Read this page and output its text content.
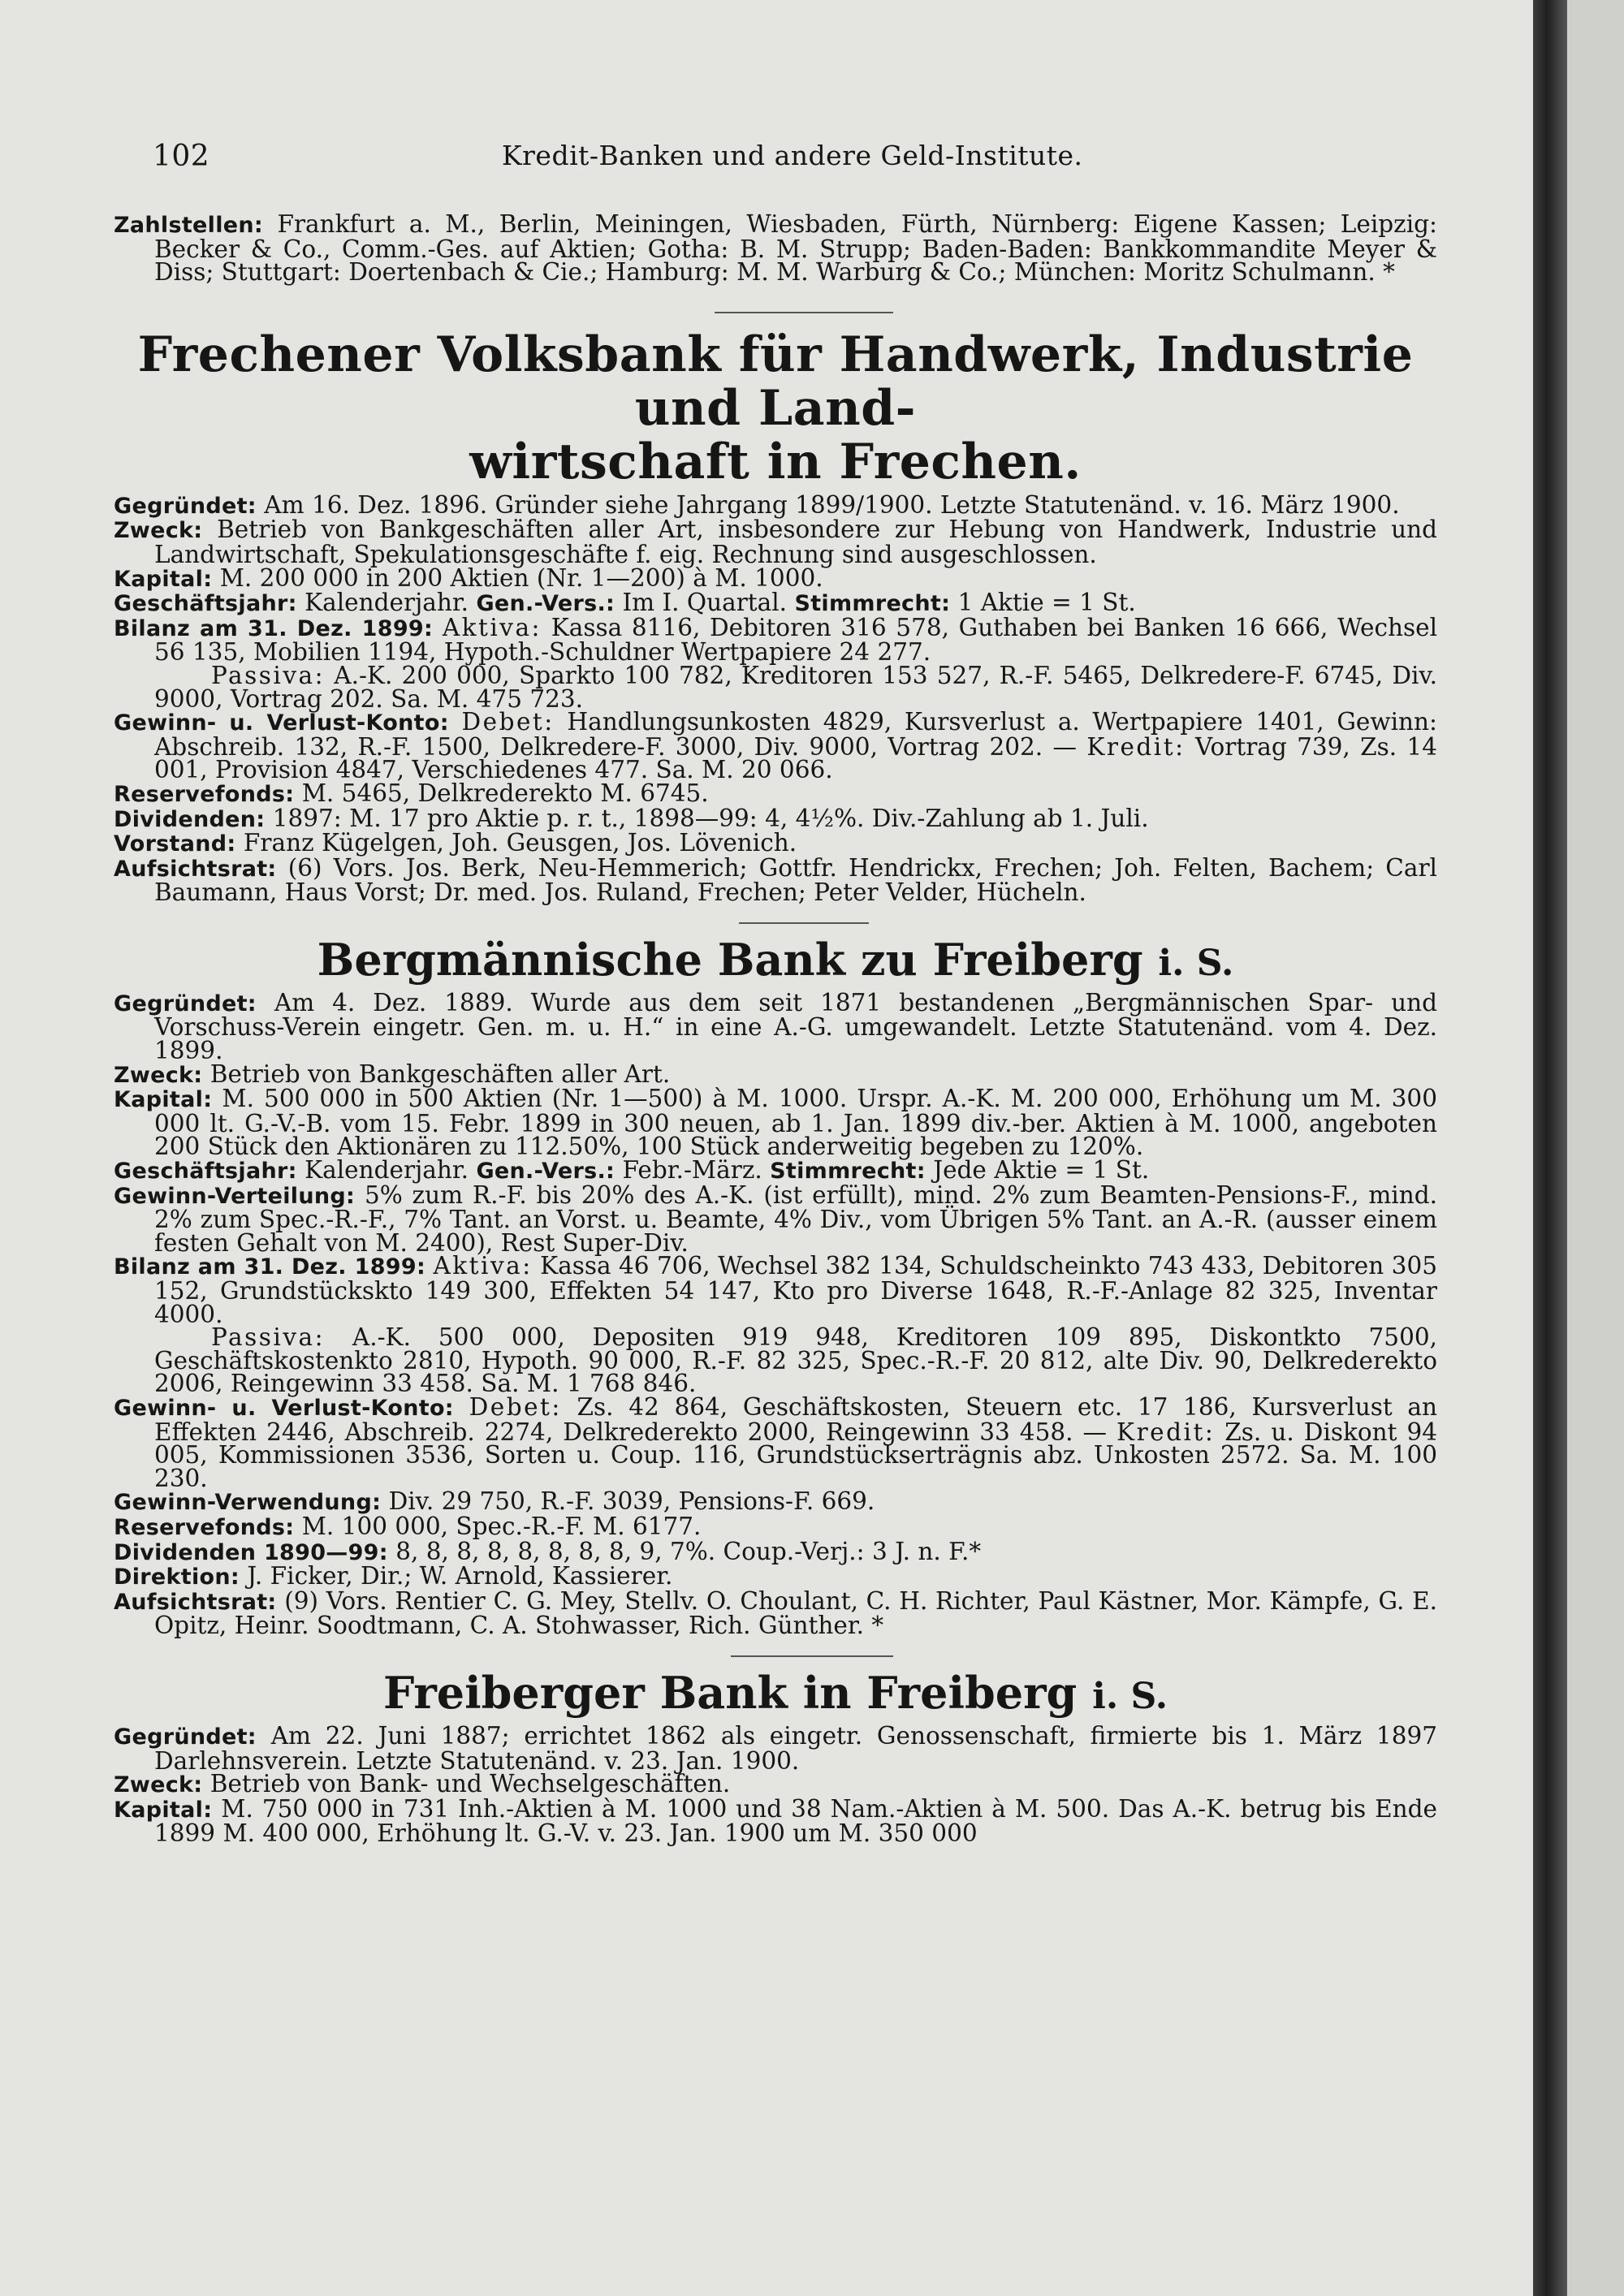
102	Kredit-Banken und andere Geld-Institute.

Zahlstellen: Frankfurt a. M., Berlin, Meiningen, Wiesbaden, Fürth, Nürnberg: Eigene Kassen; Leipzig: Becker & Co., Comm.-Ges. auf Aktien; Gotha: B. M. Strupp; Baden-Baden: Bankkommandite Meyer & Diss; Stuttgart: Doertenbach & Cie.; Hamburg: M. M. Warburg & Co.; München: Moritz Schulmann. *

Frechener Volksbank für Handwerk, Industrie und Land-
wirtschaft in Frechen.

Gegründet: Am 16. Dez. 1896. Gründer siehe Jahrgang 1899/1900. Letzte Statutenänd. v. 16. März 1900.

Zweck: Betrieb von Bankgeschäften aller Art, insbesondere zur Hebung von Handwerk, Industrie und Landwirtschaft, Spekulationsgeschäfte f. eig. Rechnung sind ausgeschlossen.

Kapital: M. 200 000 in 200 Aktien (Nr. 1—200) à M. 1000.

Geschäftsjahr: Kalenderjahr. Gen.-Vers.: Im I. Quartal. Stimmrecht: 1 Aktie = 1 St.

Bilanz am 31. Dez. 1899: Aktiva: Kassa 8116, Debitoren 316 578, Guthaben bei Banken 16 666, Wechsel 56 135, Mobilien 1194, Hypoth.-Schuldner Wertpapiere 24 277.

Passiva: A.-K. 200 000, Sparkto 100 782, Kreditoren 153 527, R.-F. 5465, Delkredere-F. 6745, Div. 9000, Vortrag 202. Sa. M. 475 723.

Gewinn- u. Verlust-Konto: Debet: Handlungsunkosten 4829, Kursverlust a. Wertpapiere 1401, Gewinn: Abschreib. 132, R.-F. 1500, Delkredere-F. 3000, Div. 9000, Vortrag 202. — Kredit: Vortrag 739, Zs. 14 001, Provision 4847, Verschiedenes 477. Sa. M. 20 066.

Reservefonds: M. 5465, Delkrederekto M. 6745.

Dividenden: 1897: M. 17 pro Aktie p. r. t., 1898—99: 4, 4½%. Div.-Zahlung ab 1. Juli.

Vorstand: Franz Kügelgen, Joh. Geusgen, Jos. Lövenich.

Aufsichtsrat: (6) Vors. Jos. Berk, Neu-Hemmerich; Gottfr. Hendrickx, Frechen; Joh. Felten, Bachem; Carl Baumann, Haus Vorst; Dr. med. Jos. Ruland, Frechen; Peter Velder, Hücheln.

Bergmännische Bank zu Freiberg i. S.

Gegründet: Am 4. Dez. 1889. Wurde aus dem seit 1871 bestandenen „Bergmännischen Spar- und Vorschuss-Verein eingetr. Gen. m. u. H.“ in eine A.-G. umgewandelt. Letzte Statutenänd. vom 4. Dez. 1899.

Zweck: Betrieb von Bankgeschäften aller Art.

Kapital: M. 500 000 in 500 Aktien (Nr. 1—500) à M. 1000. Urspr. A.-K. M. 200 000, Erhöhung um M. 300 000 lt. G.-V.-B. vom 15. Febr. 1899 in 300 neuen, ab 1. Jan. 1899 div.-ber. Aktien à M. 1000, angeboten 200 Stück den Aktionären zu 112.50%, 100 Stück anderweitig begeben zu 120%.

Geschäftsjahr: Kalenderjahr. Gen.-Vers.: Febr.-März. Stimmrecht: Jede Aktie = 1 St.

Gewinn-Verteilung: 5% zum R.-F. bis 20% des A.-K. (ist erfüllt), mind. 2% zum Beamten-Pensions-F., mind. 2% zum Spec.-R.-F., 7% Tant. an Vorst. u. Beamte, 4% Div., vom Übrigen 5% Tant. an A.-R. (ausser einem festen Gehalt von M. 2400), Rest Super-Div.

Bilanz am 31. Dez. 1899: Aktiva: Kassa 46 706, Wechsel 382 134, Schuldscheinkto 743 433, Debitoren 305 152, Grundstückskto 149 300, Effekten 54 147, Kto pro Diverse 1648, R.-F.-Anlage 82 325, Inventar 4000.

Passiva: A.-K. 500 000, Depositen 919 948, Kreditoren 109 895, Diskontkto 7500, Geschäftskostenkto 2810, Hypoth. 90 000, R.-F. 82 325, Spec.-R.-F. 20 812, alte Div. 90, Delkrederekto 2006, Reingewinn 33 458. Sa. M. 1 768 846.

Gewinn- u. Verlust-Konto: Debet: Zs. 42 864, Geschäftskosten, Steuern etc. 17 186, Kursverlust an Effekten 2446, Abschreib. 2274, Delkrederekto 2000, Reingewinn 33 458. — Kredit: Zs. u. Diskont 94 005, Kommissionen 3536, Sorten u. Coup. 116, Grundstückserträgnis abz. Unkosten 2572. Sa. M. 100 230.

Gewinn-Verwendung: Div. 29 750, R.-F. 3039, Pensions-F. 669.

Reservefonds: M. 100 000, Spec.-R.-F. M. 6177.

Dividenden 1890—99: 8, 8, 8, 8, 8, 8, 8, 8, 9, 7%. Coup.-Verj.: 3 J. n. F.*

Direktion: J. Ficker, Dir.; W. Arnold, Kassierer.

Aufsichtsrat: (9) Vors. Rentier C. G. Mey, Stellv. O. Choulant, C. H. Richter, Paul Kästner, Mor. Kämpfe, G. E. Opitz, Heinr. Soodtmann, C. A. Stohwasser, Rich. Günther. *

Freiberger Bank in Freiberg i. S.

Gegründet: Am 22. Juni 1887; errichtet 1862 als eingetr. Genossenschaft, firmierte bis 1. März 1897 Darlehnsverein. Letzte Statutenänd. v. 23. Jan. 1900.

Zweck: Betrieb von Bank- und Wechselgeschäften.

Kapital: M. 750 000 in 731 Inh.-Aktien à M. 1000 und 38 Nam.-Aktien à M. 500. Das A.-K. betrug bis Ende 1899 M. 400 000, Erhöhung lt. G.-V. v. 23. Jan. 1900 um M. 350 000
